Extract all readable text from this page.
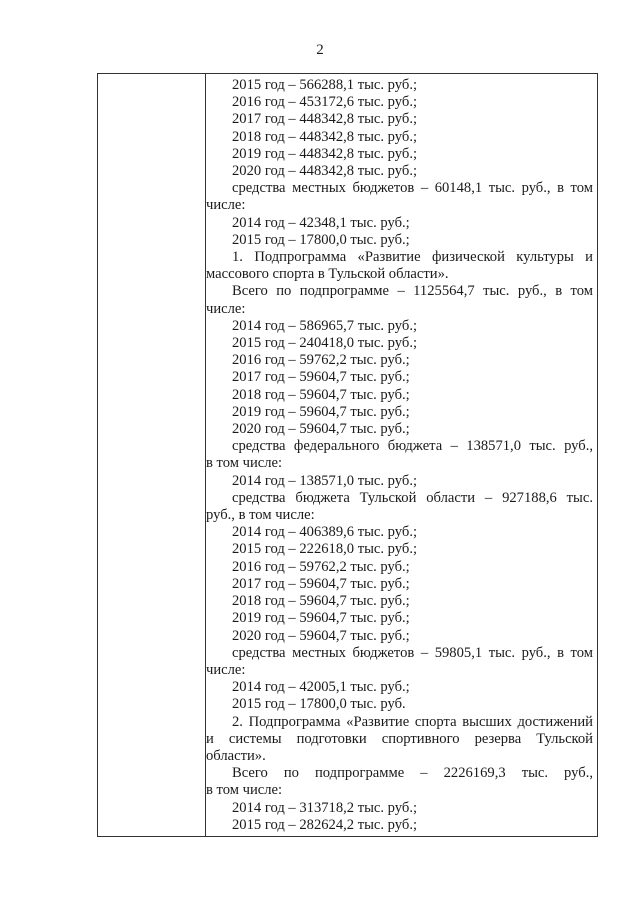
2
2015 год – 566288,1 тыс. руб.;
2016 год – 453172,6 тыс. руб.;
2017 год – 448342,8 тыс. руб.;
2018 год – 448342,8 тыс. руб.;
2019 год – 448342,8 тыс. руб.;
2020 год – 448342,8 тыс. руб.;
средства местных бюджетов – 60148,1 тыс. руб., в том
числе:
2014 год – 42348,1 тыс. руб.;
2015 год – 17800,0 тыс. руб.;
1. Подпрограмма «Развитие физической культуры и
массового спорта в Тульской области».
Всего по подпрограмме – 1125564,7 тыс. руб., в том
числе:
2014 год – 586965,7 тыс. руб.;
2015 год – 240418,0 тыс. руб.;
2016 год – 59762,2 тыс. руб.;
2017 год – 59604,7 тыс. руб.;
2018 год – 59604,7 тыс. руб.;
2019 год – 59604,7 тыс. руб.;
2020 год – 59604,7 тыс. руб.;
средства федерального бюджета – 138571,0 тыс. руб.,
в том числе:
2014 год – 138571,0 тыс. руб.;
средства бюджета Тульской области – 927188,6 тыс.
руб., в том числе:
2014 год – 406389,6 тыс. руб.;
2015 год – 222618,0 тыс. руб.;
2016 год – 59762,2 тыс. руб.;
2017 год – 59604,7 тыс. руб.;
2018 год – 59604,7 тыс. руб.;
2019 год – 59604,7 тыс. руб.;
2020 год – 59604,7 тыс. руб.;
средства местных бюджетов – 59805,1 тыс. руб., в том
числе:
2014 год – 42005,1 тыс. руб.;
2015 год – 17800,0 тыс. руб.
2. Подпрограмма «Развитие спорта высших достижений
и системы подготовки спортивного резерва Тульской
области».
Всего по подпрограмме – 2226169,3 тыс. руб.,
в том числе:
2014 год – 313718,2 тыс. руб.;
2015 год – 282624,2 тыс. руб.;
